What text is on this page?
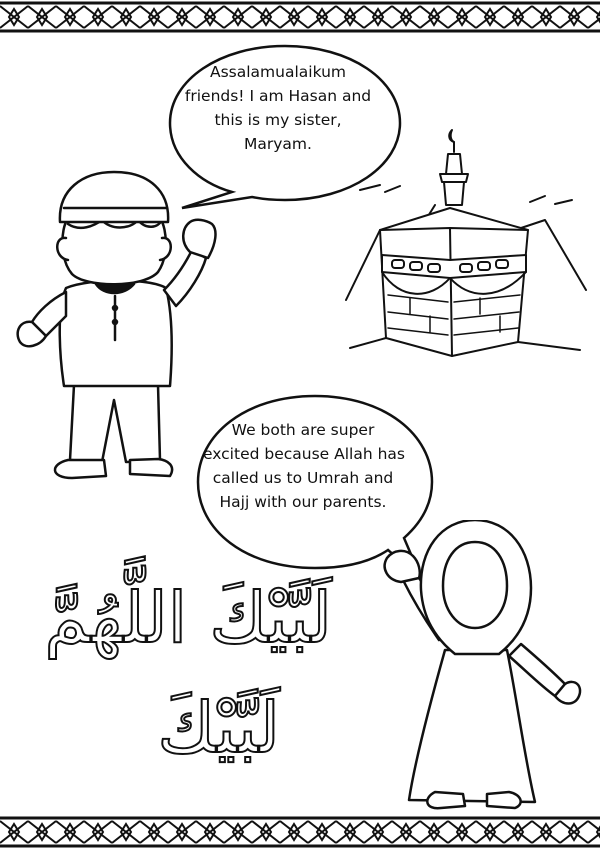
Assalamualaikum
friends! I am Hasan and
this is my sister,
Maryam.
We both are super
excited because Allah has
called us to Umrah and
Hajj with our parents.
لَبَّيْكَ اللَّهُمَّ
لَبَّيْكَ
